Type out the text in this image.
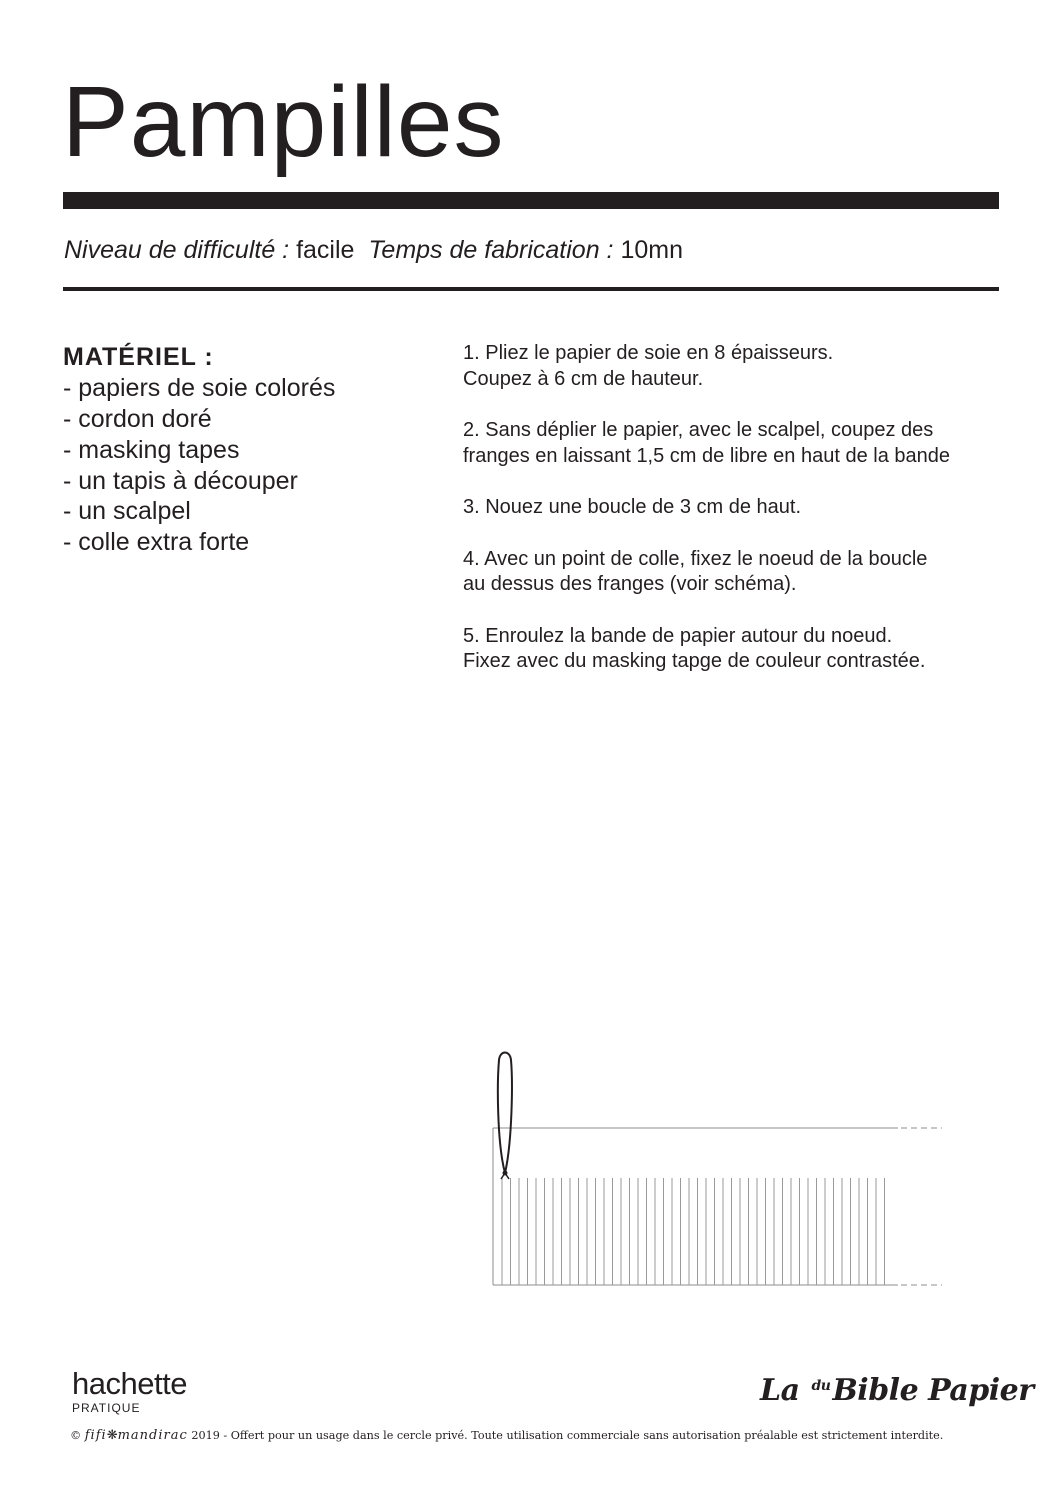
Pampilles
Niveau de difficulté : facile Temps de fabrication : 10mn
MATÉRIEL :
- papiers de soie colorés
- cordon doré
- masking tapes
- un tapis à découper
- un scalpel
- colle extra forte

1. Pliez le papier de soie en 8 épaisseurs.
Coupez à 6 cm de hauteur.

2. Sans déplier le papier, avec le scalpel, coupez des
franges en laissant 1,5 cm de libre en haut de la bande

3. Nouez une boucle de 3 cm de haut.

4. Avec un point de colle, fixez le noeud de la boucle
au dessus des franges (voir schéma).

5. Enroulez la bande de papier autour du noeud.
Fixez avec du masking tapge de couleur contrastée.

hachette
PRATIQUE	La $^{du}$Bible Papier
© fifi❋mandirac 2019 - Offert pour un usage dans le cercle privé. Toute utilisation commerciale sans autorisation préalable est strictement interdite.
